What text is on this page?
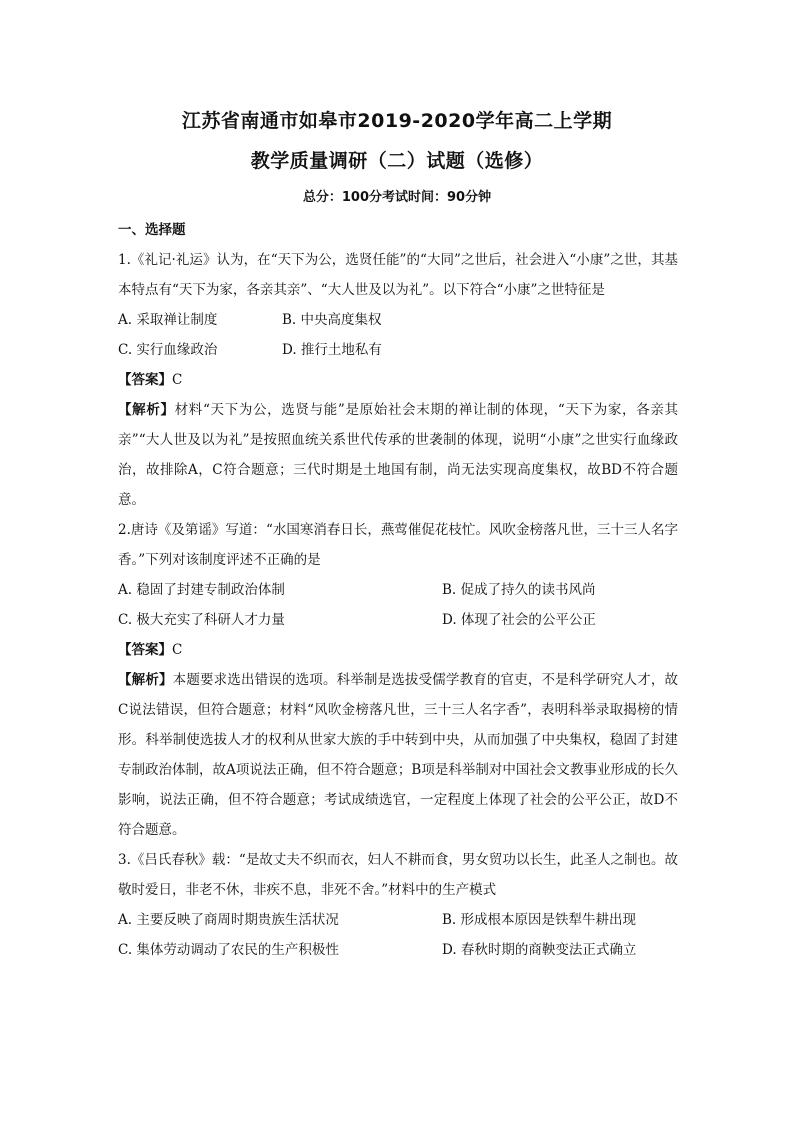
江苏省南通市如皋市2019-2020学年高二上学期
教学质量调研（二）试题（选修）
总分：100分考试时间：90分钟
一、选择题

1.《礼记·礼运》认为，在“天下为公，选贤任能”的“大同”之世后，社会进入“小康”之世，其基本特点有“天下为家，各亲其亲”、“大人世及以为礼”。以下符合“小康”之世特征是

A. 采取禅让制度	B. 中央高度集权
C. 实行血缘政治	D. 推行土地私有
【答案】C

【解析】材料“天下为公，选贤与能”是原始社会末期的禅让制的体现，“天下为家，各亲其亲”“大人世及以为礼”是按照血统关系世代传承的世袭制的体现，说明“小康”之世实行血缘政治，故排除A，C符合题意；三代时期是土地国有制，尚无法实现高度集权，故BD不符合题意。

2.唐诗《及第谣》写道：“水国寒消春日长，燕莺催促花枝忙。风吹金榜落凡世，三十三人名字香。”下列对该制度评述不正确的是

A. 稳固了封建专制政治体制	B. 促成了持久的读书风尚
C. 极大充实了科研人才力量	D. 体现了社会的公平公正
【答案】C

【解析】本题要求选出错误的选项。科举制是选拔受儒学教育的官吏，不是科学研究人才，故C说法错误，但符合题意；材料“风吹金榜落凡世，三十三人名字香”，表明科举录取揭榜的情形。科举制使选拔人才的权利从世家大族的手中转到中央，从而加强了中央集权，稳固了封建专制政治体制，故A项说法正确，但不符合题意；B项是科举制对中国社会文教事业形成的长久影响，说法正确，但不符合题意；考试成绩选官，一定程度上体现了社会的公平公正，故D不符合题意。

3.《吕氏春秋》载：“是故丈夫不织而衣，妇人不耕而食，男女贸功以长生，此圣人之制也。故敬时爱日，非老不休，非疾不息，非死不舍。”材料中的生产模式

A. 主要反映了商周时期贵族生活状况	B. 形成根本原因是铁犁牛耕出现
C. 集体劳动调动了农民的生产积极性	D. 春秋时期的商鞅变法正式确立
